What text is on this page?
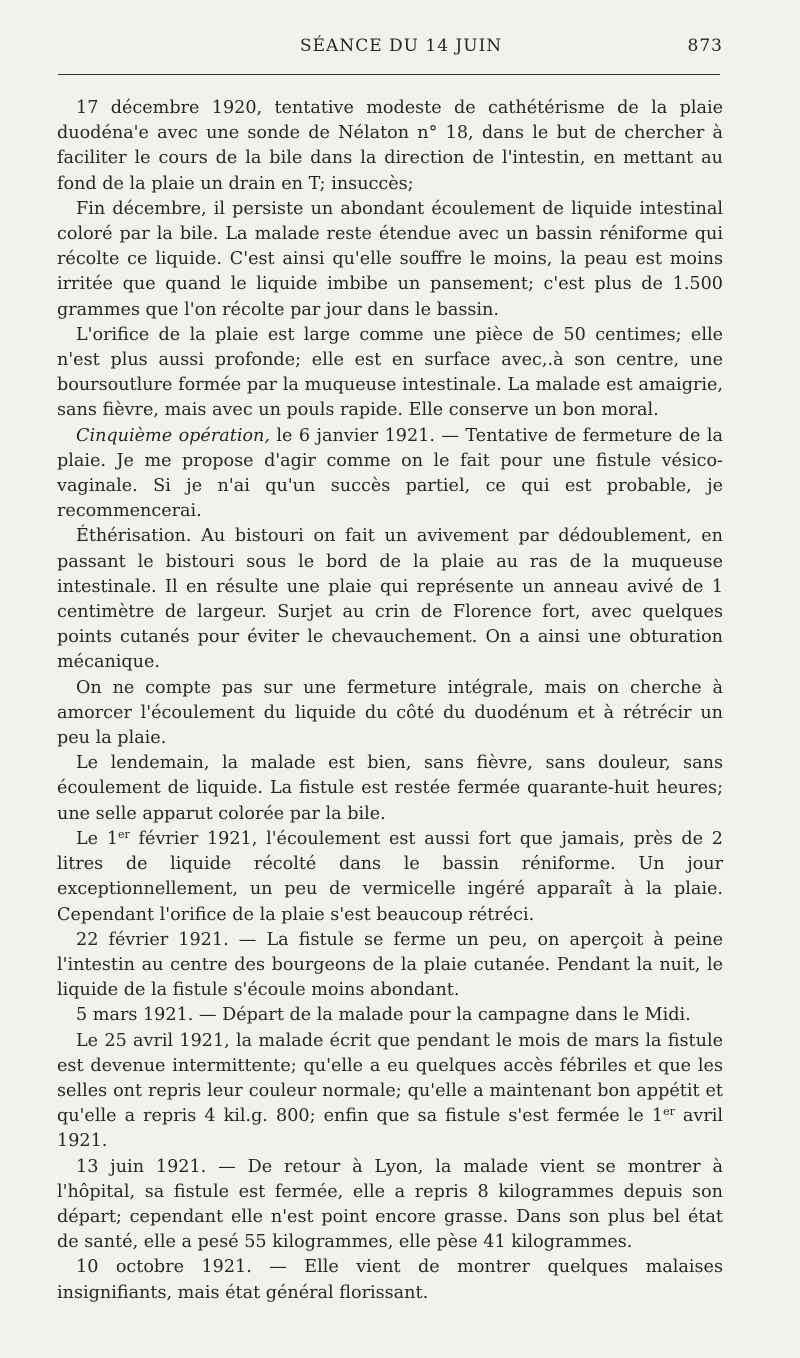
SÉANCE DU 14 JUIN	873

17 décembre 1920, tentative modeste de cathétérisme de la plaie duodéna'e avec une sonde de Nélaton n° 18, dans le but de chercher à faciliter le cours de la bile dans la direction de l'intestin, en mettant au fond de la plaie un drain en T; insuccès;

Fin décembre, il persiste un abondant écoulement de liquide intestinal coloré par la bile. La malade reste étendue avec un bassin réniforme qui récolte ce liquide. C'est ainsi qu'elle souffre le moins, la peau est moins irritée que quand le liquide imbibe un pansement; c'est plus de 1.500 grammes que l'on récolte par jour dans le bassin.

L'orifice de la plaie est large comme une pièce de 50 centimes; elle n'est plus aussi profonde; elle est en surface avec,.à son centre, une boursoutlure formée par la muqueuse intestinale. La malade est amaigrie, sans fièvre, mais avec un pouls rapide. Elle conserve un bon moral.

Cinquième opération, le 6 janvier 1921. — Tentative de fermeture de la plaie. Je me propose d'agir comme on le fait pour une fistule vésico-vaginale. Si je n'ai qu'un succès partiel, ce qui est probable, je recommencerai.

Éthérisation. Au bistouri on fait un avivement par dédoublement, en passant le bistouri sous le bord de la plaie au ras de la muqueuse intestinale. Il en résulte une plaie qui représente un anneau avivé de 1 centimètre de largeur. Surjet au crin de Florence fort, avec quelques points cutanés pour éviter le chevauchement. On a ainsi une obturation mécanique.

On ne compte pas sur une fermeture intégrale, mais on cherche à amorcer l'écoulement du liquide du côté du duodénum et à rétrécir un peu la plaie.

Le lendemain, la malade est bien, sans fièvre, sans douleur, sans écoulement de liquide. La fistule est restée fermée quarante-huit heures; une selle apparut colorée par la bile.

Le 1er février 1921, l'écoulement est aussi fort que jamais, près de 2 litres de liquide récolté dans le bassin réniforme. Un jour exceptionnellement, un peu de vermicelle ingéré apparaît à la plaie. Cependant l'orifice de la plaie s'est beaucoup rétréci.

22 février 1921. — La fistule se ferme un peu, on aperçoit à peine l'intestin au centre des bourgeons de la plaie cutanée. Pendant la nuit, le liquide de la fistule s'écoule moins abondant.

5 mars 1921. — Départ de la malade pour la campagne dans le Midi.

Le 25 avril 1921, la malade écrit que pendant le mois de mars la fistule est devenue intermittente; qu'elle a eu quelques accès fébriles et que les selles ont repris leur couleur normale; qu'elle a maintenant bon appétit et qu'elle a repris 4 kil.g. 800; enfin que sa fistule s'est fermée le 1er avril 1921.

13 juin 1921. — De retour à Lyon, la malade vient se montrer à l'hôpital, sa fistule est fermée, elle a repris 8 kilogrammes depuis son départ; cependant elle n'est point encore grasse. Dans son plus bel état de santé, elle a pesé 55 kilogrammes, elle pèse 41 kilogrammes.

10 octobre 1921. — Elle vient de montrer quelques malaises insignifiants, mais état général florissant.
